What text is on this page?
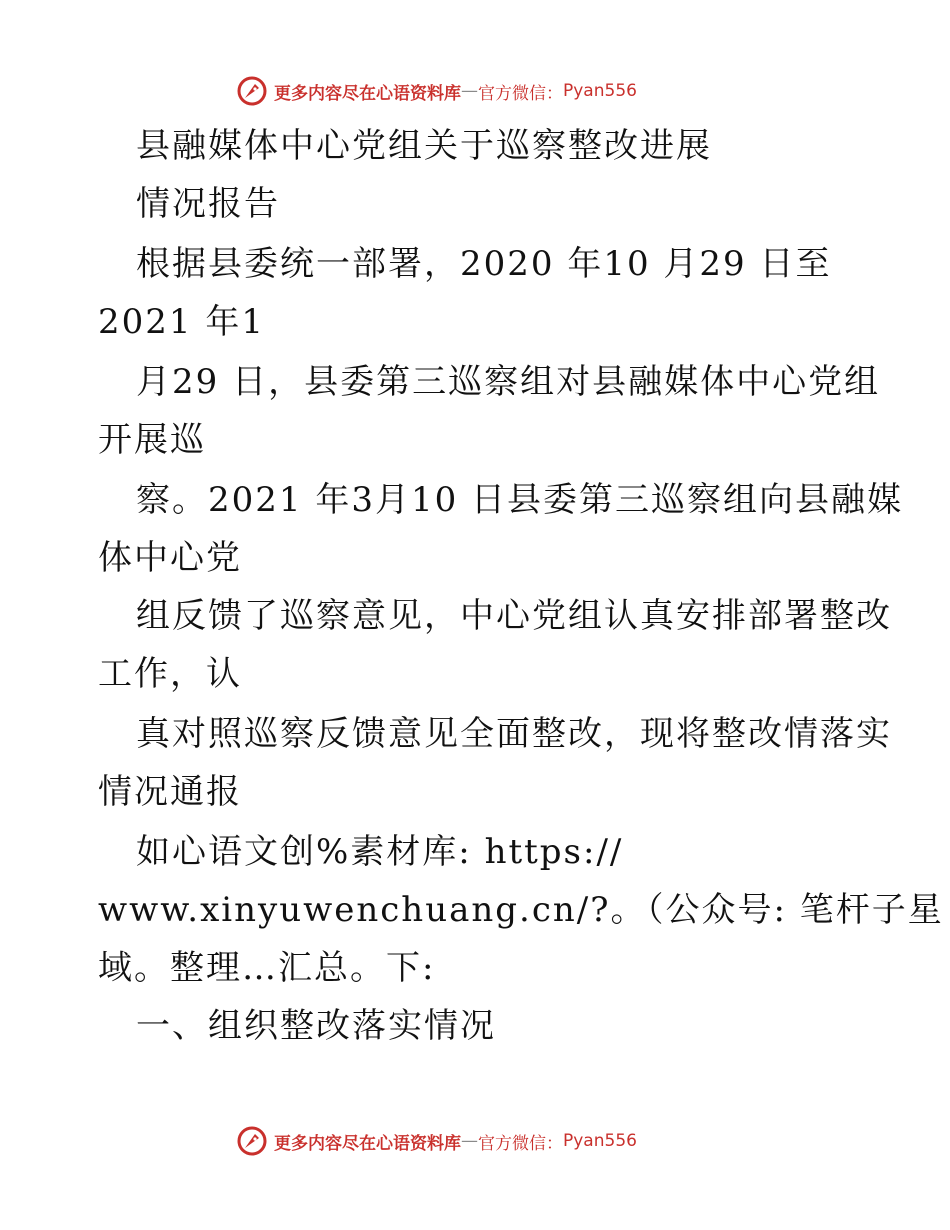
更多内容尽在心语资料库 — 官方微信： Pyan556
县融媒体中心党组关于巡察整改进展
情况报告
根据县委统一部署，2020 年10 月29 日至
2021 年1
月29 日，县委第三巡察组对县融媒体中心党组
开展巡
察。2021 年3月10 日县委第三巡察组向县融媒
体中心党
组反馈了巡察意见，中心党组认真安排部署整改
工作，认
真对照巡察反馈意见全面整改，现将整改情落实
情况通报
如心语文创%素材库: https://
www.xinyuwenchuang.cn/?。（公众号: 笔杆子星
域。整理…汇总。下:
一、组织整改落实情况
更多内容尽在心语资料库 — 官方微信： Pyan556
